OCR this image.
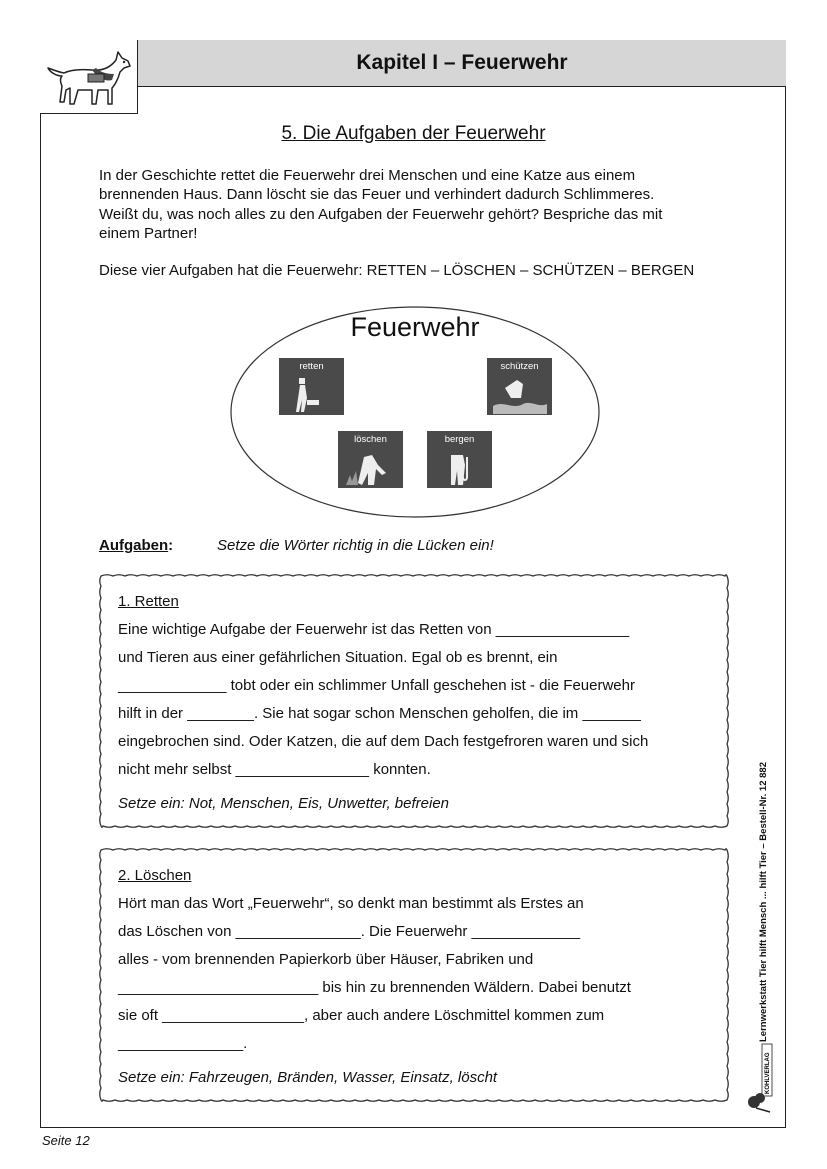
Kapitel I – Feuerwehr
5. Die Aufgaben der Feuerwehr
In der Geschichte rettet die Feuerwehr drei Menschen und eine Katze aus einem
brennenden Haus. Dann löscht sie das Feuer und verhindert dadurch Schlimmeres.
Weißt du, was noch alles zu den Aufgaben der Feuerwehr gehört? Bespriche das mit
einem Partner!
Diese vier Aufgaben hat die Feuerwehr: RETTEN – LÖSCHEN – SCHÜTZEN – BERGEN
Feuerwehr
retten	schützen
löschen	bergen
Aufgaben:	Setze die Wörter richtig in die Lücken ein!
1. Retten
Eine wichtige Aufgabe der Feuerwehr ist das Retten von ________________
und Tieren aus einer gefährlichen Situation. Egal ob es brennt, ein
_____________ tobt oder ein schlimmer Unfall geschehen ist - die Feuerwehr
hilft in der ________. Sie hat sogar schon Menschen geholfen, die im _______
eingebrochen sind. Oder Katzen, die auf dem Dach festgefroren waren und sich
nicht mehr selbst ________________ konnten.
Setze ein: Not, Menschen, Eis, Unwetter, befreien
2. Löschen
Hört man das Wort „Feuerwehr“, so denkt man bestimmt als Erstes an
das Löschen von _______________. Die Feuerwehr _____________
alles - vom brennenden Papierkorb über Häuser, Fabriken und
________________________ bis hin zu brennenden Wäldern. Dabei benutzt
sie oft _________________, aber auch andere Löschmittel kommen zum
_______________.
Setze ein: Fahrzeugen, Bränden, Wasser, Einsatz, löscht
Lernwerkstatt Tier hilft Mensch ... hilft Tier – Bestell-Nr. 12 882
KOHLVERLAG
Seite 12
